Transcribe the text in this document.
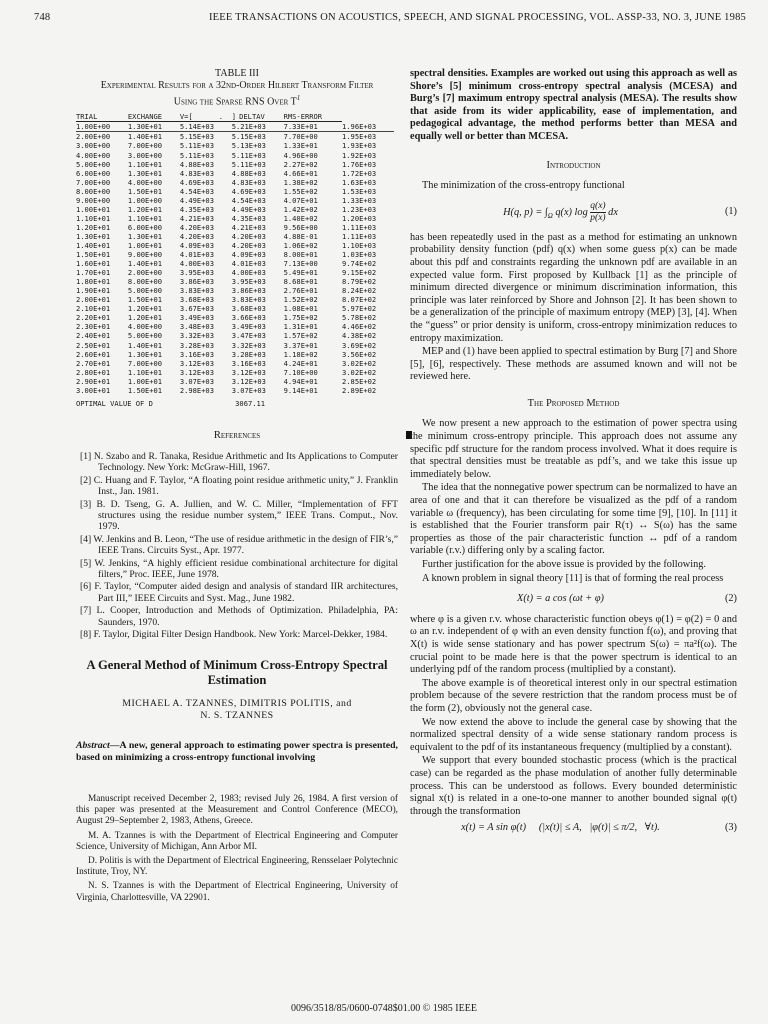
748	IEEE TRANSACTIONS ON ACOUSTICS, SPEECH, AND SIGNAL PROCESSING, VOL. ASSP-33, NO. 3, JUNE 1985
TABLE III
Experimental Results for a 32nd-Order Hilbert Transform Filter
Using the Sparse RNS Over $T^1$
TRIAL	EXCHANGE	V=[	.	]	DELTAV	RMS-ERROR	
1.00E+00	1.30E+01	5.14E+03		5.21E+03		7.33E+01	1.96E+03
2.00E+00	1.40E+01	5.15E+03		5.15E+03		7.70E+00	1.95E+03
3.00E+00	7.00E+00	5.11E+03		5.13E+03		1.33E+01	1.93E+03
4.00E+00	3.00E+00	5.11E+03		5.11E+03		4.96E+00	1.92E+03
5.00E+00	1.10E+01	4.88E+03		5.11E+03		2.27E+02	1.76E+03
6.00E+00	1.30E+01	4.83E+03		4.88E+03		4.66E+01	1.72E+03
7.00E+00	4.00E+00	4.69E+03		4.83E+03		1.38E+02	1.63E+03
8.00E+00	1.50E+01	4.54E+03		4.69E+03		1.55E+02	1.53E+03
9.00E+00	1.00E+00	4.49E+03		4.54E+03		4.07E+01	1.33E+03
1.00E+01	1.20E+01	4.35E+03		4.49E+03		1.42E+02	1.23E+03
1.10E+01	1.10E+01	4.21E+03		4.35E+03		1.40E+02	1.20E+03
1.20E+01	6.00E+00	4.20E+03		4.21E+03		9.56E+00	1.11E+03
1.30E+01	1.30E+01	4.20E+03		4.20E+03		4.88E-01	1.11E+03
1.40E+01	1.00E+01	4.09E+03		4.20E+03		1.06E+02	1.10E+03
1.50E+01	9.00E+00	4.01E+03		4.09E+03		8.00E+01	1.03E+03
1.60E+01	1.40E+01	4.00E+03		4.01E+03		7.13E+00	9.74E+02
1.70E+01	2.00E+00	3.95E+03		4.00E+03		5.49E+01	9.15E+02
1.80E+01	8.00E+00	3.86E+03		3.95E+03		8.68E+01	8.79E+02
1.90E+01	5.00E+00	3.83E+03		3.86E+03		2.76E+01	8.24E+02
2.00E+01	1.50E+01	3.68E+03		3.83E+03		1.52E+02	8.07E+02
2.10E+01	1.20E+01	3.67E+03		3.68E+03		1.08E+01	5.97E+02
2.20E+01	1.20E+01	3.49E+03		3.66E+03		1.75E+02	5.78E+02
2.30E+01	4.00E+00	3.48E+03		3.49E+03		1.31E+01	4.46E+02
2.40E+01	5.00E+00	3.32E+03		3.47E+03		1.57E+02	4.38E+02
2.50E+01	1.40E+01	3.28E+03		3.32E+03		3.37E+01	3.69E+02
2.60E+01	1.30E+01	3.16E+03		3.28E+03		1.18E+02	3.56E+02
2.70E+01	7.00E+00	3.12E+03		3.16E+03		4.24E+01	3.02E+02
2.80E+01	1.10E+01	3.12E+03		3.12E+03		7.10E+00	3.02E+02
2.90E+01	1.00E+01	3.07E+03		3.12E+03		4.94E+01	2.85E+02
3.00E+01	1.50E+01	2.98E+03		3.07E+03		9.14E+01	2.89E+02
OPTIMAL VALUE OF D	3067.11
References
[1] N. Szabo and R. Tanaka, Residue Arithmetic and Its Applications to Computer Technology. New York: McGraw-Hill, 1967.
[2] C. Huang and F. Taylor, “A floating point residue arithmetic unity,” J. Franklin Inst., Jan. 1981.
[3] B. D. Tseng, G. A. Jullien, and W. C. Miller, “Implementation of FFT structures using the residue number system,” IEEE Trans. Comput., Nov. 1979.
[4] W. Jenkins and B. Leon, “The use of residue arithmetic in the design of FIR’s,” IEEE Trans. Circuits Syst., Apr. 1977.
[5] W. Jenkins, “A highly efficient residue combinational architecture for digital filters,” Proc. IEEE, June 1978.
[6] F. Taylor, “Computer aided design and analysis of standard IIR architectures, Part III,” IEEE Circuits and Syst. Mag., June 1982.
[7] L. Cooper, Introduction and Methods of Optimization. Philadelphia, PA: Saunders, 1970.
[8] F. Taylor, Digital Filter Design Handbook. New York: Marcel-Dekker, 1984.
A General Method of Minimum Cross-Entropy Spectral Estimation
MICHAEL A. TZANNES, DIMITRIS POLITIS, and
N. S. TZANNES
Abstract—A new, general approach to estimating power spectra is presented, based on minimizing a cross-entropy functional involving

Manuscript received December 2, 1983; revised July 26, 1984. A first version of this paper was presented at the Measurement and Control Conference (MECO), August 29–September 2, 1983, Athens, Greece.

M. A. Tzannes is with the Department of Electrical Engineering and Computer Science, University of Michigan, Ann Arbor MI.

D. Politis is with the Department of Electrical Engineering, Rensselaer Polytechnic Institute, Troy, NY.

N. S. Tzannes is with the Department of Electrical Engineering, University of Virginia, Charlottesville, VA 22901.

spectral densities. Examples are worked out using this approach as well as Shore’s [5] minimum cross-entropy spectral analysis (MCESA) and Burg’s [7] maximum entropy spectral analysis (MESA). The results show that aside from its wider applicability, ease of implementation, and pedagogical advantage, the method performs better than MESA and equally well or better than MCESA.

Introduction

The minimization of the cross-entropy functional

H(q, $p) = \int_\Omega$ q(x) $\log \frac{q(x)}{p(x)}$ dx	(1)

has been repeatedly used in the past as a method for estimating an unknown probability density function (pdf) q(x) when some guess p(x) can be made about this pdf and constraints regarding the unknown pdf are available in an expected value form. First proposed by Kullback [1] as the principle of minimum directed divergence or minimum discrimination information, this principle was later reinforced by Shore and Johnson [2]. It has been shown to be a generalization of the principle of maximum entropy (MEP) [3], [4]. When the “guess” or prior density is uniform, cross-entropy minimization reduces to entropy maximization.

MEP and (1) have been applied to spectral estimation by Burg [7] and Shore [5], [6], respectively. These methods are assumed known and will not be reviewed here.

The Proposed Method

We now present a new approach to the estimation of power spectra using the minimum cross-entropy principle. This approach does not assume any specific pdf structure for the random process involved. What it does require is that spectral densities must be treatable as pdf’s, and we take this issue up immediately below.

The idea that the nonnegative power spectrum can be normalized to have an area of one and that it can therefore be visualized as the pdf of a random variable ω (frequency), has been circulating for some time [9], [10]. In [11] it is established that the Fourier transform pair R(τ) ↔ S(ω) has the same properties as those of the pair characteristic function ↔ pdf of a random variable (r.v.) differing only by a scaling factor.

Further justification for the above issue is provided by the following.

A known problem in signal theory [11] is that of forming the real process

X(t) = a cos (ωt + φ)	(2)

where φ is a given r.v. whose characteristic function obeys φ(1) = φ(2) = 0 and ω an r.v. independent of φ with an even density function f(ω), and proving that X(t) is wide sense stationary and has power spectrum S(ω) = πa²f(ω). The crucial point to be made here is that the power spectrum is identical to an underlying pdf of the random process (multiplied by a constant).

The above example is of theoretical interest only in our spectral estimation problem because of the severe restriction that the random process must be of the form (2), obviously not the general case.

We now extend the above to include the general case by showing that the normalized spectral density of a wide sense stationary random process is equivalent to the pdf of its instantaneous frequency (multiplied by a constant).

We support that every bounded stochastic process (which is the practical case) can be regarded as the phase modulation of another fully determinable process. This can be understood as follows. Every bounded deterministic signal x(t) is related in a one-to-one manner to another bounded signal φ(t) through the transformation

x(t) = A sin φ(t)     (|x(t)| ≤ A,   |φ(t)| ≤ π/2,   ∀t).	(3)
0096/3518/85/0600-0748$01.00 © 1985 IEEE
